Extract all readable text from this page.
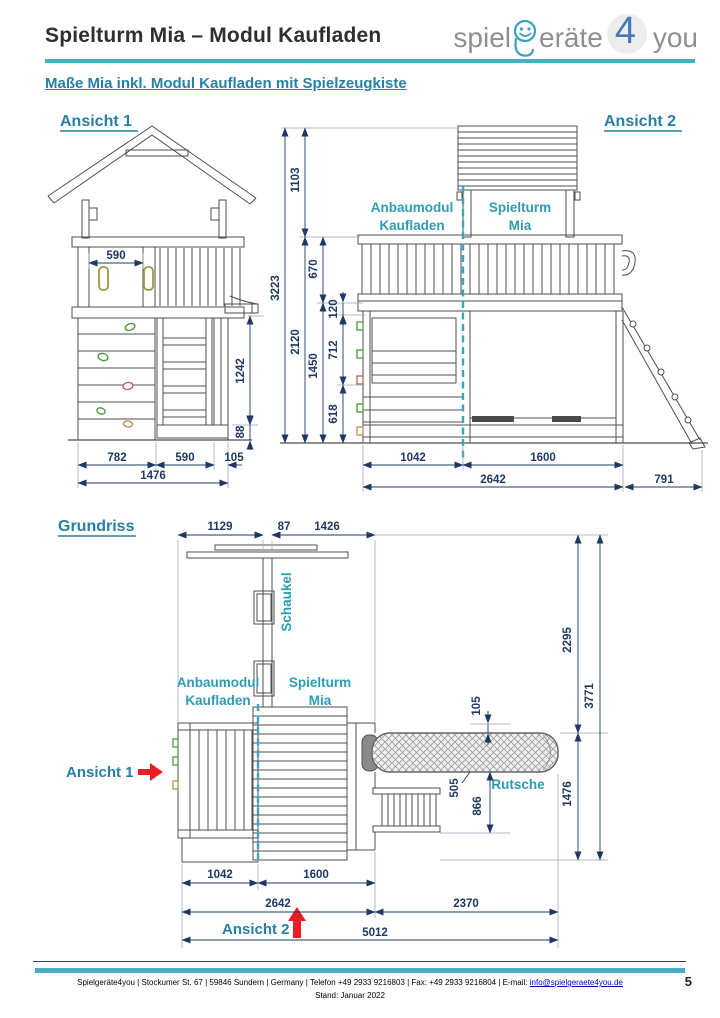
Spielturm Mia – Modul Kaufladen	spiel eräte 4 you
Maße Mia inkl. Modul Kaufladen mit Spielzeugkiste
Ansicht 1
590
782	590	105
1476
1242
88
Ansicht 2
Anbaumodul
Kaufladen
Spielturm
Mia
3223
1103
2120
670
1450
120
712
618
1042	1600
2642	791
Grundriss
Schaukel
Anbaumodul
Kaufladen
Spielturm
Mia
Rutsche
Ansicht 1
Ansicht 2
1129	87 1426
2295
1476
3771
105
505
866
1042	1600
2642	2370
5012
Spielgeräte4you | Stockumer St. 67 | 59846 Sundern | Germany | Telefon +49 2933 9216803 | Fax: +49 2933 9216804 | E-mail: info@spielgeraete4you.de
Stand: Januar 2022
5
